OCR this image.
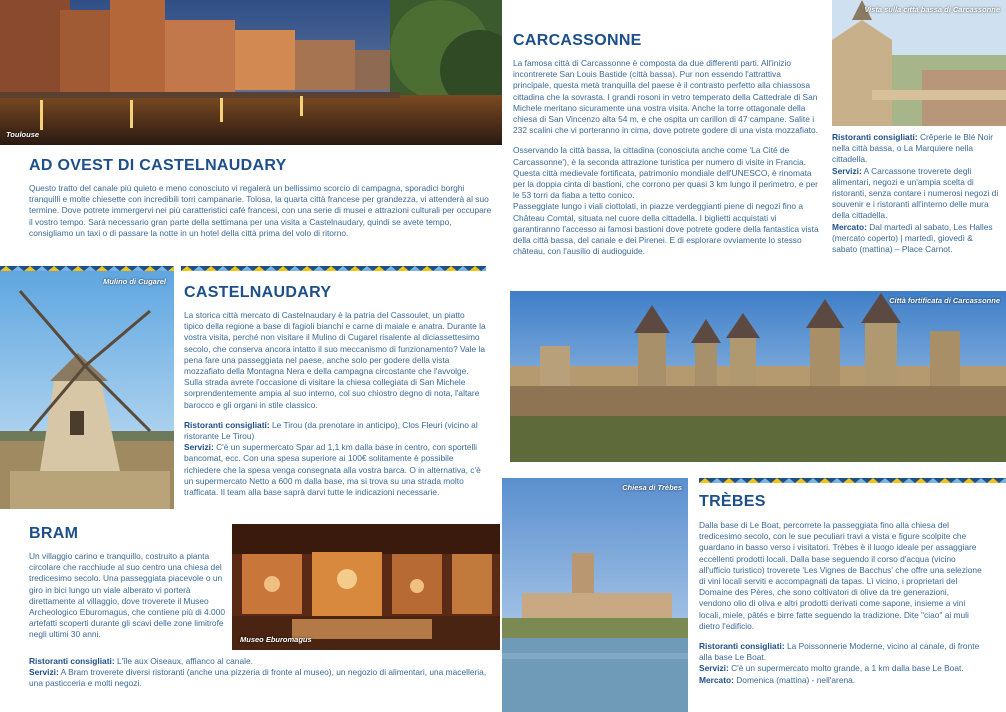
Toulouse
AD OVEST DI CASTELNAUDARY

Questo tratto del canale più quieto e meno conosciuto vi regalerà un bellissimo scorcio di campagna, sporadici borghi tranquilli e molte chiesette con incredibili torri campanarie. Tolosa, la quarta città francese per grandezza, vi attenderà al suo termine. Dove potrete immergervi nei più caratteristici café francesi, con una serie di musei e attrazioni culturali per occupare il vostro tempo. Sarà necessario gran parte della settimana per una visita a Castelnaudary, quindi se avete tempo, consigliamo un taxi o di passare la notte in un hotel della città prima del volo di ritorno.

Mulino di Cugarel
CASTELNAUDARY

La storica città mercato di Castelnaudary è la patria del Cassoulet, un piatto tipico della regione a base di fagioli bianchi e carne di maiale e anatra. Durante la vostra visita, perché non visitare il Mulino di Cugarel risalente al diciassettesimo secolo, che conserva ancora intatto il suo meccanismo di funzionamento? Vale la pena fare una passeggiata nel paese, anche solo per godere della vista mozzafiato della Montagna Nera e della campagna circostante che l'avvolge. Sulla strada avrete l'occasione di visitare la chiesa collegiata di San Michele sorprendentemente ampia al suo interno, col suo chiostro degno di nota, l'altare barocco e gli organi in stile classico.

Ristoranti consigliati: Le Tirou (da prenotare in anticipo), Clos Fleuri (vicino al ristorante Le Tirou)

Servizi: C'è un supermercato Spar ad 1,1 km dalla base in centro, con sportelli bancomat, ecc. Con una spesa superiore ai 100€ solitamente è possibile richiedere che la spesa venga consegnata alla vostra barca. O in alternativa, c'è un supermercato Netto a 600 m dalla base, ma si trova su una strada molto trafficata. Il team alla base saprà darvi tutte le indicazioni necessarie.

BRAM

Un villaggio carino e tranquillo, costruito a pianta circolare che racchiude al suo centro una chiesa del tredicesimo secolo. Una passeggiata piacevole o un giro in bici lungo un viale alberato vi porterà direttamente al villaggio, dove troverete il Museo Archeologico Eburomagus, che contiene più di 4.000 artefatti scoperti durante gli scavi delle zone limitrofe negli ultimi 30 anni.

Ristoranti consigliati: L'île aux Oiseaux, affianco al canale.

Servizi: A Bram troverete diversi ristoranti (anche una pizzeria di fronte al museo), un negozio di alimentari, una macelleria, una pasticceria e molti negozi.

Museo Eburomagus
Vista sulla città bassa di Carcassonne
CARCASSONNE

La famosa città di Carcassonne è composta da due differenti parti. All'inizio incontrerete San Louis Bastide (città bassa). Pur non essendo l'attrattiva principale, questa metà tranquilla del paese è il contrasto perfetto alla chiassosa cittadina che la sovrasta. I grandi rosoni in vetro temperato della Cattedrale di San Michele meritano sicuramente una vostra visita. Anche la torre ottagonale della chiesa di San Vincenzo alta 54 m, e che ospita un carillon di 47 campane. Salite i 232 scalini che vi porteranno in cima, dove potrete godere di una vista mozzafiato.

Osservando la città bassa, la cittadina (conosciuta anche come 'La Cité de Carcassonne'), è la seconda attrazione turistica per numero di visite in Francia. Questa città medievale fortificata, patrimonio mondiale dell'UNESCO, è rinomata per la doppia cinta di bastioni, che corrono per quasi 3 km lungo il perimetro, e per le 53 torri da fiaba a tetto conico.

Passeggiate lungo i viali ciottolati, in piazze verdeggianti piene di negozi fino a Château Comtal, situata nel cuore della cittadella. I biglietti acquistati vi garantiranno l'accesso ai famosi bastioni dove potrete godere della fantastica vista della città bassa, del canale e dei Pirenei. E di esplorare ovviamente lo stesso château, con l'ausilio di audioguide.

Ristoranti consigliati: Crêperie le Blé Noir nella città bassa, o La Marquiere nella cittadella.

Servizi: A Carcassone troverete degli alimentari, negozi e un'ampia scelta di ristoranti, senza contare i numerosi negozi di souvenir e i ristoranti all'interno delle mura della cittadella.

Mercato: Dal martedì al sabato, Les Halles (mercato coperto) | martedì, giovedì & sabato (mattina) – Place Carnot.

Città fortificata di Carcassonne
Chiesa di Trèbes
TRÈBES

Dalla base di Le Boat, percorrete la passeggiata fino alla chiesa del tredicesimo secolo, con le sue peculiari travi a vista e figure scolpite che guardano in basso verso i visitatori. Trèbes è il luogo ideale per assaggiare eccellenti prodotti locali. Dalla base seguendo il corso d'acqua (vicino all'ufficio turistico) troverete 'Les Vignes de Bacchus' che offre una selezione di vini locali serviti e accompagnati da tapas. Lì vicino, i proprietari del Domaine des Pères, che sono coltivatori di olive da tre generazioni, vendono olio di oliva e altri prodotti derivati come sapone, insieme a vini locali, miele, pâtés e birre fatte seguendo la tradizione. Dite "ciao" ai muli dietro l'edificio.

Ristoranti consigliati: La Poissonnerie Moderne, vicino al canale, di fronte alla base Le Boat.

Servizi: C'è un supermercato molto grande, a 1 km dalla base Le Boat.

Mercato: Domenica (mattina) - nell'arena.
